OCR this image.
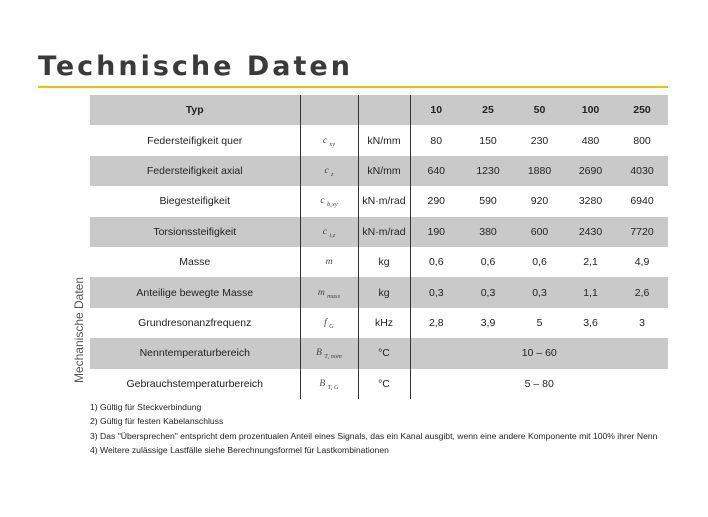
Technische Daten
Mechanische Daten
Typ			10	25	50	100	250
Federsteifigkeit quer	c $_{xy}$	kN/mm	80	150	230	480	800
Federsteifigkeit axial	c $_z$	kN/mm	640	1230	1880	2690	4030
Biegesteifigkeit	c $_{b,xy}$	kN·m/rad	290	590	920	3280	6940
Torsionssteifigkeit	c $_{t,z}$	kN·m/rad	190	380	600	2430	7720
Masse	m	kg	0,6	0,6	0,6	2,1	4,9
Anteilige bewegte Masse	m $_{mass}$	kg	0,3	0,3	0,3	1,1	2,6
Grundresonanzfrequenz	f $_G$	kHz	2,8	3,9	5	3,6	3
Nenntemperaturbereich	B $_{T, nom}$	°C	10 – 60				
Gebrauchstemperaturbereich	B $_{T, G}$	°C	5 – 80				
1) Gültig für Steckverbindung
2) Gültig für festen Kabelanschluss
3) Das "Übersprechen" entspricht dem prozentualen Anteil eines Signals, das ein Kanal ausgibt, wenn eine andere Komponente mit 100% ihrer Nenn
4) Weitere zulässige Lastfälle siehe Berechnungsformel für Lastkombinationen
